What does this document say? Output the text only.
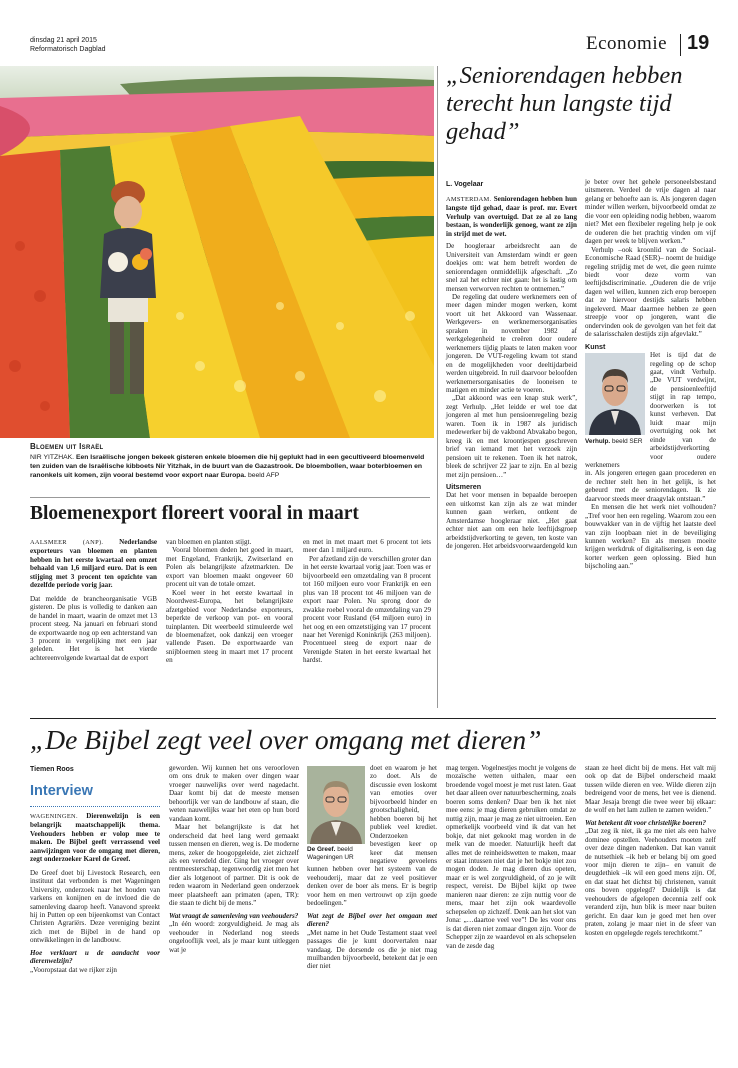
dinsdag 21 april 2015
Reformatorisch Dagblad	Economie 19
Bloemen uit Israël
NIR YITZHAK. Een Israëlische jongen bekeek gisteren enkele bloemen die hij geplukt had in een gecultiveerd bloemenveld ten zuiden van de Israëlische kibboets Nir Yitzhak, in de buurt van de Gazastrook. De bloembollen, waar boterbloemen en ranonkels uit komen, zijn vooral bestemd voor export naar Europa. beeld AFP
Bloemenexport floreert vooral in maart

AALSMEER (ANP). Nederlandse exporteurs van bloemen en planten hebben in het eerste kwartaal een omzet behaald van 1,6 miljard euro. Dat is een stijging met 3 procent ten opzichte van dezelfde periode vorig jaar.

Dat meldde de brancheorganisatie VGB gisteren. De plus is volledig te danken aan de handel in maart, waarin de omzet met 13 procent steeg. Na januari en februari stond de exportwaarde nog op een achterstand van 3 procent in vergelijking met een jaar geleden. Het is het vierde achtereenvolgende kwartaal dat de export

van bloemen en planten stijgt.

Vooral bloemen deden het goed in maart, met Engeland, Frankrijk, Zwitserland en Polen als belangrijkste afzetmarkten. De export van bloemen maakt ongeveer 60 procent uit van de totale omzet.

Koel weer in het eerste kwartaal in Noordwest-Europa, het belangrijkste afzetgebied voor Nederlandse exporteurs, beperkte de verkoop van pot- en vooral tuinplanten. Dit weerbeeld stimuleerde wel de bloemenafzet, ook dankzij een vroeger vallende Pasen. De exportwaarde van snijbloemen steeg in maart met 17 procent en

en met in met maart met 6 procent tot iets meer dan 1 miljard euro.

Per afzetland zijn de verschillen groter dan in het eerste kwartaal vorig jaar. Toen was er bijvoorbeeld een omzetdaling van 8 procent tot 160 miljoen euro voor Frankrijk en een plus van 18 procent tot 46 miljoen van de export naar Polen. Nu sprong door de zwakke roebel vooral de omzetdaling van 29 procent voor Rusland (64 miljoen euro) in het oog en een omzetstijging van 17 procent naar het Verenigd Koninkrijk (263 miljoen). Procentueel steeg de export naar de Verenigde Staten in het eerste kwartaal het hardst.

„Seniorendagen hebben terecht hun langste tijd gehad”
L. Vogelaar

AMSTERDAM. Seniorendagen hebben hun langste tijd gehad, daar is prof. mr. Evert Verhulp van overtuigd. Dat ze al zo lang bestaan, is wonderlijk genoeg, want ze zijn in strijd met de wet.

De hoogleraar arbeidsrecht aan de Universiteit van Amsterdam windt er geen doekjes om: wat hem betreft worden de seniorendagen onmiddellijk afgeschaft. „Zo snel zal het echter niet gaan: het is lastig om mensen verworven rechten te ontnemen.”

De regeling dat oudere werknemers een of meer dagen minder mogen werken, komt voort uit het Akkoord van Wassenaar. Werkgevers- en werknemersorganisaties spraken in november 1982 af werkgelegenheid te creëren door oudere werknemers tijdig plaats te laten maken voor jongeren. De VUT-regeling kwam tot stand en de mogelijkheden voor deeltijdarbeid werden uitgebreid. In ruil daarvoor beloofden werknemersorganisaties de looneisen te matigen en minder actie te voeren.

„Dat akkoord was een knap stuk werk”, zegt Verhulp. „Het leidde er wel toe dat jongeren al met hun pensioenregeling bezig waren. Toen ik in 1987 als juridisch medewerker bij de vakbond Abvakabo begon, kreeg ik en met kroontjespen geschreven brief van iemand met het verzoek zijn pensioen uit te rekenen. Toen ik het natrok, bleek de schrijver 22 jaar te zijn. En al bezig met zijn pensioen…”

Uitsmeren

Dat het voor mensen in bepaalde beroepen een uitkomst kan zijn als ze wat minder kunnen gaan werken, ontkent de Amsterdamse hoogleraar niet. „Het gaat echter niet aan om een hele leeftijdsgroep arbeidstijdverkorting te geven, ten koste van de jongeren. Het arbeidsvoorwaardengeld kun

je beter over het gehele personeelsbestand uitsmeren. Verdeel de vrije dagen al naar gelang er behoefte aan is. Als jongeren dagen minder willen werken, bijvoorbeeld omdat ze die voor een opleiding nodig hebben, waarom niet? Met een flexibeler regeling help je ook de ouderen die het prachtig vinden om vijf dagen per week te blijven werken.”

Verhulp –ook kroonlid van de Sociaal-Economische Raad (SER)– noemt de huidige regeling strijdig met de wet, die geen ruimte biedt voor deze vorm van leeftijdsdiscriminatie. „Ouderen die de vrije dagen wel willen, kunnen zich erop beroepen dat ze hiervoor destijds salaris hebben ingeleverd. Maar daarmee hebben ze geen streepje voor op jongeren, want die ondervinden ook de gevolgen van het feit dat de salarisschalen destijds zijn afgevlakt.”

Kunst

Verhulp. beeld SER

Het is tijd dat de regeling op de schop gaat, vindt Verhulp. „De VUT verdwijnt, de pensioenleeftijd stijgt in rap tempo, doorwerken is tot kunst verheven. Dat luidt maar mijn overtuiging ook het einde van de arbeidstijdverkorting voor oudere werknemers

in. Als jongeren ertegen gaan procederen en de rechter stelt hen in het gelijk, is het gebeurd met de seniorendagen. Ik zie daarvoor steeds meer draagvlak ontstaan.”

En mensen die het werk niet volhouden? „Tref voor hen een regeling. Waarom zou een bouwvakker van in de vijftig het laatste deel van zijn loopbaan niet in de beveiliging kunnen werken? En als mensen moeite krijgen werkdruk of digitalisering, is een dag korter werken geen oplossing. Bied hun bijscholing aan.”

„De Bijbel zegt veel over omgang met dieren”
Tiemen Roos
Interview

WAGENINGEN. Dierenwelzijn is een belangrijk maatschappelijk thema. Veehouders hebben er volop mee te maken. De Bijbel geeft verrassend veel aanwijzingen voor de omgang met dieren, zegt onderzoeker Karel de Greef.

De Greef doet bij Livestock Research, een instituut dat verbonden is met Wageningen University, onderzoek naar het houden van varkens en konijnen en de invloed die de samenleving daarop heeft. Vanavond spreekt hij in Putten op een bijeenkomst van Contact Christen Agrariërs. Deze vereniging bezint zich met de Bijbel in de hand op ontwikkelingen in de landbouw.

Hoe verklaart u de aandacht voor dierenwelzijn?

„Vooropstaat dat we rijker zijn

geworden. Wij kunnen het ons veroorloven om ons druk te maken over dingen waar vroeger nauwelijks over werd nagedacht. Daar komt bij dat de meeste mensen behoorlijk ver van de landbouw af staan, die weten nauwelijks waar het eten op hun bord vandaan komt.

Maar het belangrijkste is dat het onderscheid dat heel lang werd gemaakt tussen mensen en dieren, weg is. De moderne mens, zeker de hoogopgeleide, ziet zichzelf als een veredeld dier. Ging het vroeger over rentmeesterschap, tegenwoordig ziet men het dier als lotgenoot of partner. Dit is ook de reden waarom in Nederland geen onderzoek meer plaatsheeft aan primaten (apen, TR): die staan te dicht bij de mens.”

Wat vraagt de samenleving van veehouders?

„In één woord: zorgvuldigheid. Je mag als veehouder in Nederland nog steeds ongelooflijk veel, als je maar kunt uitleggen wat je

De Greef. beeld Wageningen UR

doet en waarom je het zo doet. Als de discussie even loskomt van emoties over bijvoorbeeld hinder en grootschaligheid, hebben boeren bij het publiek veel krediet. Onderzoeken bevestigen keer op keer dat mensen negatieve gevoelens kunnen hebben over het systeem van de veehouderij, maar dat ze veel positiever denken over de boer als mens. Er is begrip voor hem en men vertrouwt op zijn goede bedoelingen.”

Wat zegt de Bijbel over het omgaan met dieren?

„Met name in het Oude Testament staat veel passages die je kunt doorvertalen naar vandaag. De dorsende os die je niet mag muilbanden bijvoorbeeld, betekent dat je een dier niet

mag tergen. Vogelnestjes mocht je volgens de mozaïsche wetten uithalen, maar een broedende vogel moest je met rust laten. Gaat het daar alleen over natuurbescherming, zoals boeren soms denken? Daar ben ik het niet mee eens: je mag dieren gebruiken omdat ze nuttig zijn, maar je mag ze niet uitroeien. Een opmerkelijk voorbeeld vind ik dat van het bokje, dat niet gekookt mag worden in de melk van de moeder. Natuurlijk heeft dat alles met de reinheidswetten te maken, maar er staat intussen niet dat je het bokje niet zou mogen doden. Je mag dieren dus opeten, maar er is wel zorgvuldigheid, of zo je wilt respect, vereist. De Bijbel kijkt op twee manieren naar dieren: ze zijn nuttig voor de mens, maar het zijn ook waardevolle schepselen op zichzelf. Denk aan het slot van Jona: „…daartoe veel vee”! De les voor ons is dat dieren niet zomaar dingen zijn. Voor de Schepper zijn ze waardevol en als schepselen van de zesde dag

staan ze heel dicht bij de mens. Het valt mij ook op dat de Bijbel onderscheid maakt tussen wilde dieren en vee. Wilde dieren zijn bedreigend voor de mens, het vee is dienend. Maar Jesaja brengt die twee weer bij elkaar: de wolf en het lam zullen te zamen weiden.”

Wat betekent dit voor christelijke boeren?

„Dat zeg ik niet, ik ga me niet als een halve dominee opstellen. Veehouders moeten zelf over deze dingen nadenken. Dat kan vanuit de nutsethiek –ik heb er belang bij om goed voor mijn dieren te zijn– en vanuit de deugdethiek –ik wil een goed mens zijn. Of, en dat staat het dichtst bij christenen, vanuit ons boven opgelegd? Duidelijk is dat veehouders de afgelopen decennia zelf ook veranderd zijn, hun blik is meer naar buiten gericht. En daar kun je goed met hen over praten, zolang je maar niet in de sfeer van kosten en opgelegde regels terechtkomt.”
